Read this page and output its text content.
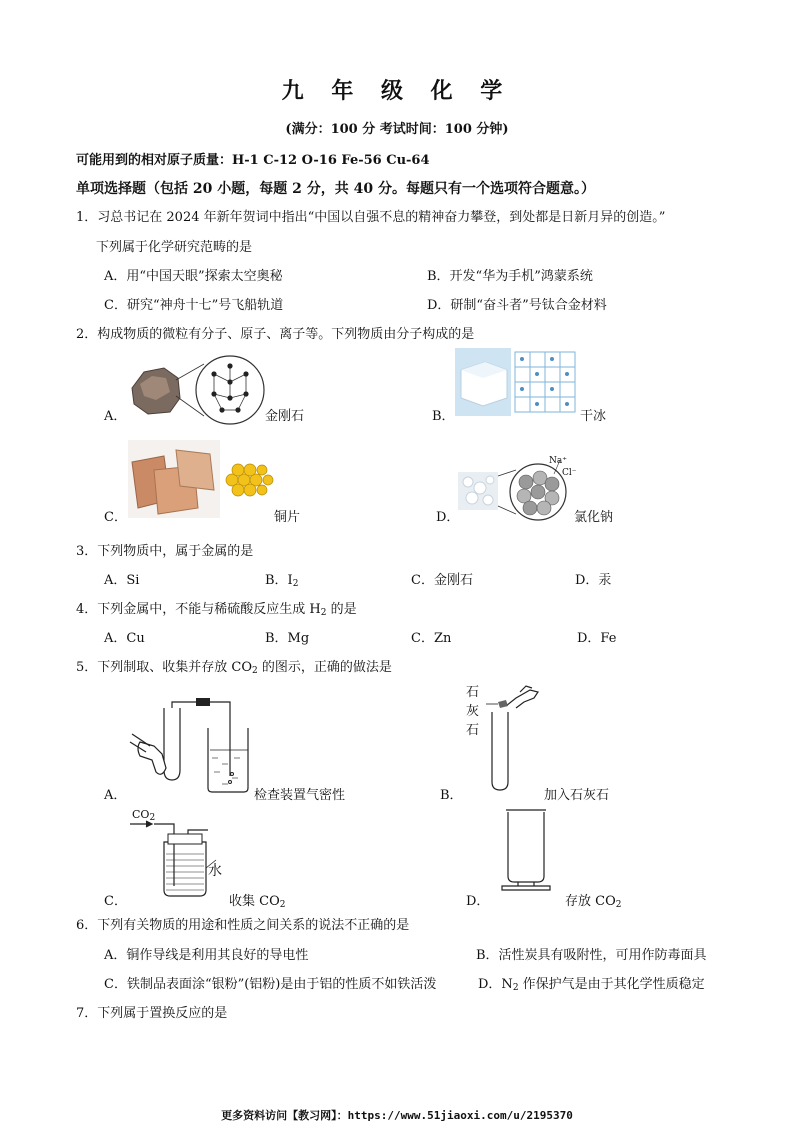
九 年 级 化 学
(满分：100 分 考试时间：100 分钟)
可能用到的相对原子质量：H-1 C-12 O-16 Fe-56 Cu-64
单项选择题（包括 20 小题，每题 2 分，共 40 分。每题只有一个选项符合题意。）
1．习总书记在 2024 年新年贺词中指出“中国以自强不息的精神奋力攀登，到处都是日新月异的创造。”
下列属于化学研究范畴的是
A．用“中国天眼”探索太空奥秘	B．开发“华为手机”鸿蒙系统
C．研究“神舟十七”号飞船轨道	D．研制“奋斗者”号钛合金材料
2．构成物质的微粒有分子、原子、离子等。下列物质由分子构成的是
A．	金刚石	B．	干冰
C．	铜片	D．
Na⁺
Cl⁻
氯化钠
3．下列物质中，属于金属的是
A．Si	B．$I_2$	C．金刚石	D．汞
4．下列金属中，不能与稀硫酸反应生成 $H_2$ 的是
A．Cu	B．Mg	C．Zn	D．Fe
5．下列制取、收集并存放 $CO_2$ 的图示，正确的做法是
A．	检查装置气密性	B．
石
灰
石
加入石灰石
C．
$CO_2$
水
收集 $CO_2$	D．	存放 $CO_2$
6．下列有关物质的用途和性质之间关系的说法不正确的是
A．铜作导线是利用其良好的导电性	B．活性炭具有吸附性，可用作防毒面具
C．铁制品表面涂“银粉”(铝粉)是由于铝的性质不如铁活泼	D．$N_2$ 作保护气是由于其化学性质稳定
7．下列属于置换反应的是
更多资料访问【教习网】：https://www.51jiaoxi.com/u/2195370
